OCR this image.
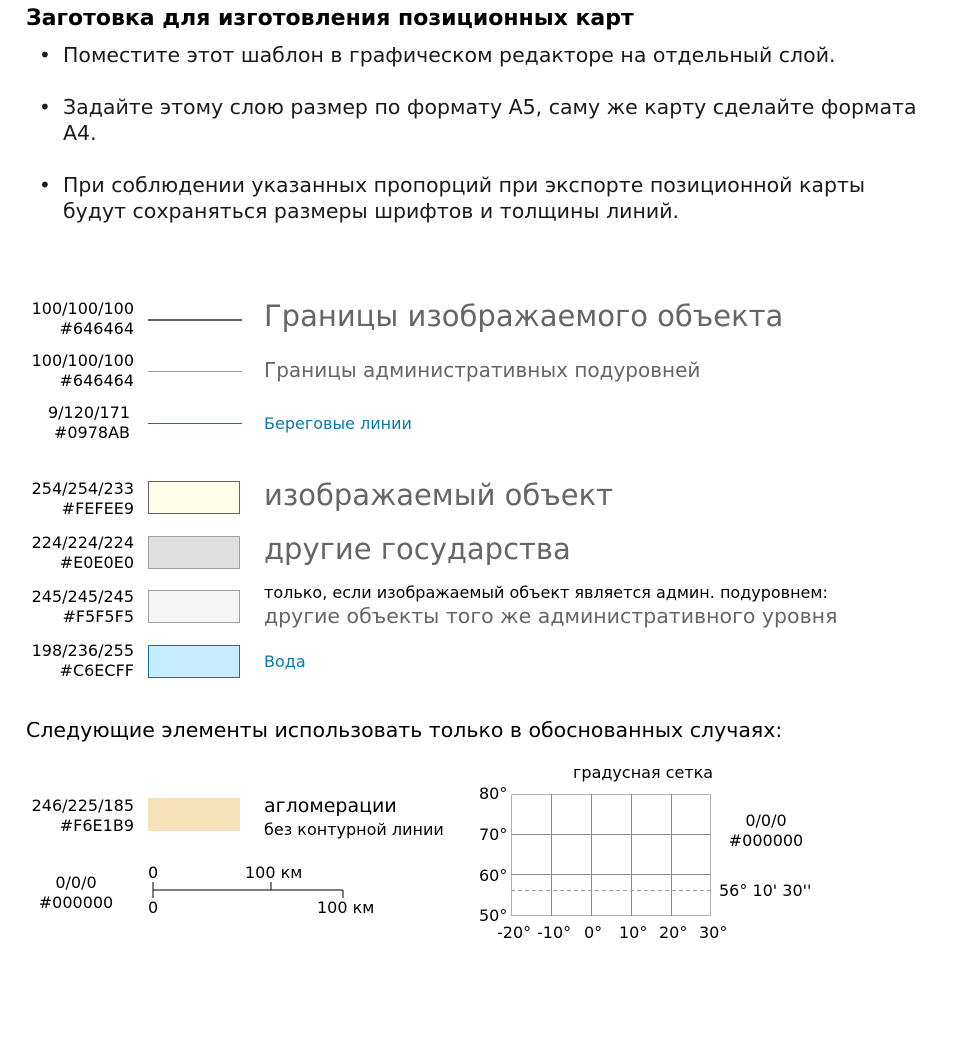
Заготовка для изготовления позиционных карт
• Поместите этот шаблон в графическом редакторе на отдельный слой.
• Задайте этому слою размер по формату А5, саму же карту сделайте формата А4.
• При соблюдении указанных пропорций при экспорте позиционной карты будут сохраняться размеры шрифтов и толщины линий.
100/100/100
#646464	Границы изображаемого объекта
100/100/100
#646464	Границы административных подуровней
9/120/171
#0978AB	Береговые линии
254/254/233
#FEFEE9	изображаемый объект
224/224/224
#E0E0E0	другие государства
245/245/245
#F5F5F5
только, если изображаемый объект является админ. подуровнем:
другие объекты того же административного уровня
198/236/255
#C6ECFF	Вода
Следующие элементы использовать только в обоснованных случаях:
246/225/185
#F6E1B9
агломерации
без контурной линии
0/0/0
#000000
0	100 км
0	100 км
градусная сетка
80°
70°
60°
50°
56° 10' 30''
-20° -10° 0° 10° 20° 30°
0/0/0
#000000
